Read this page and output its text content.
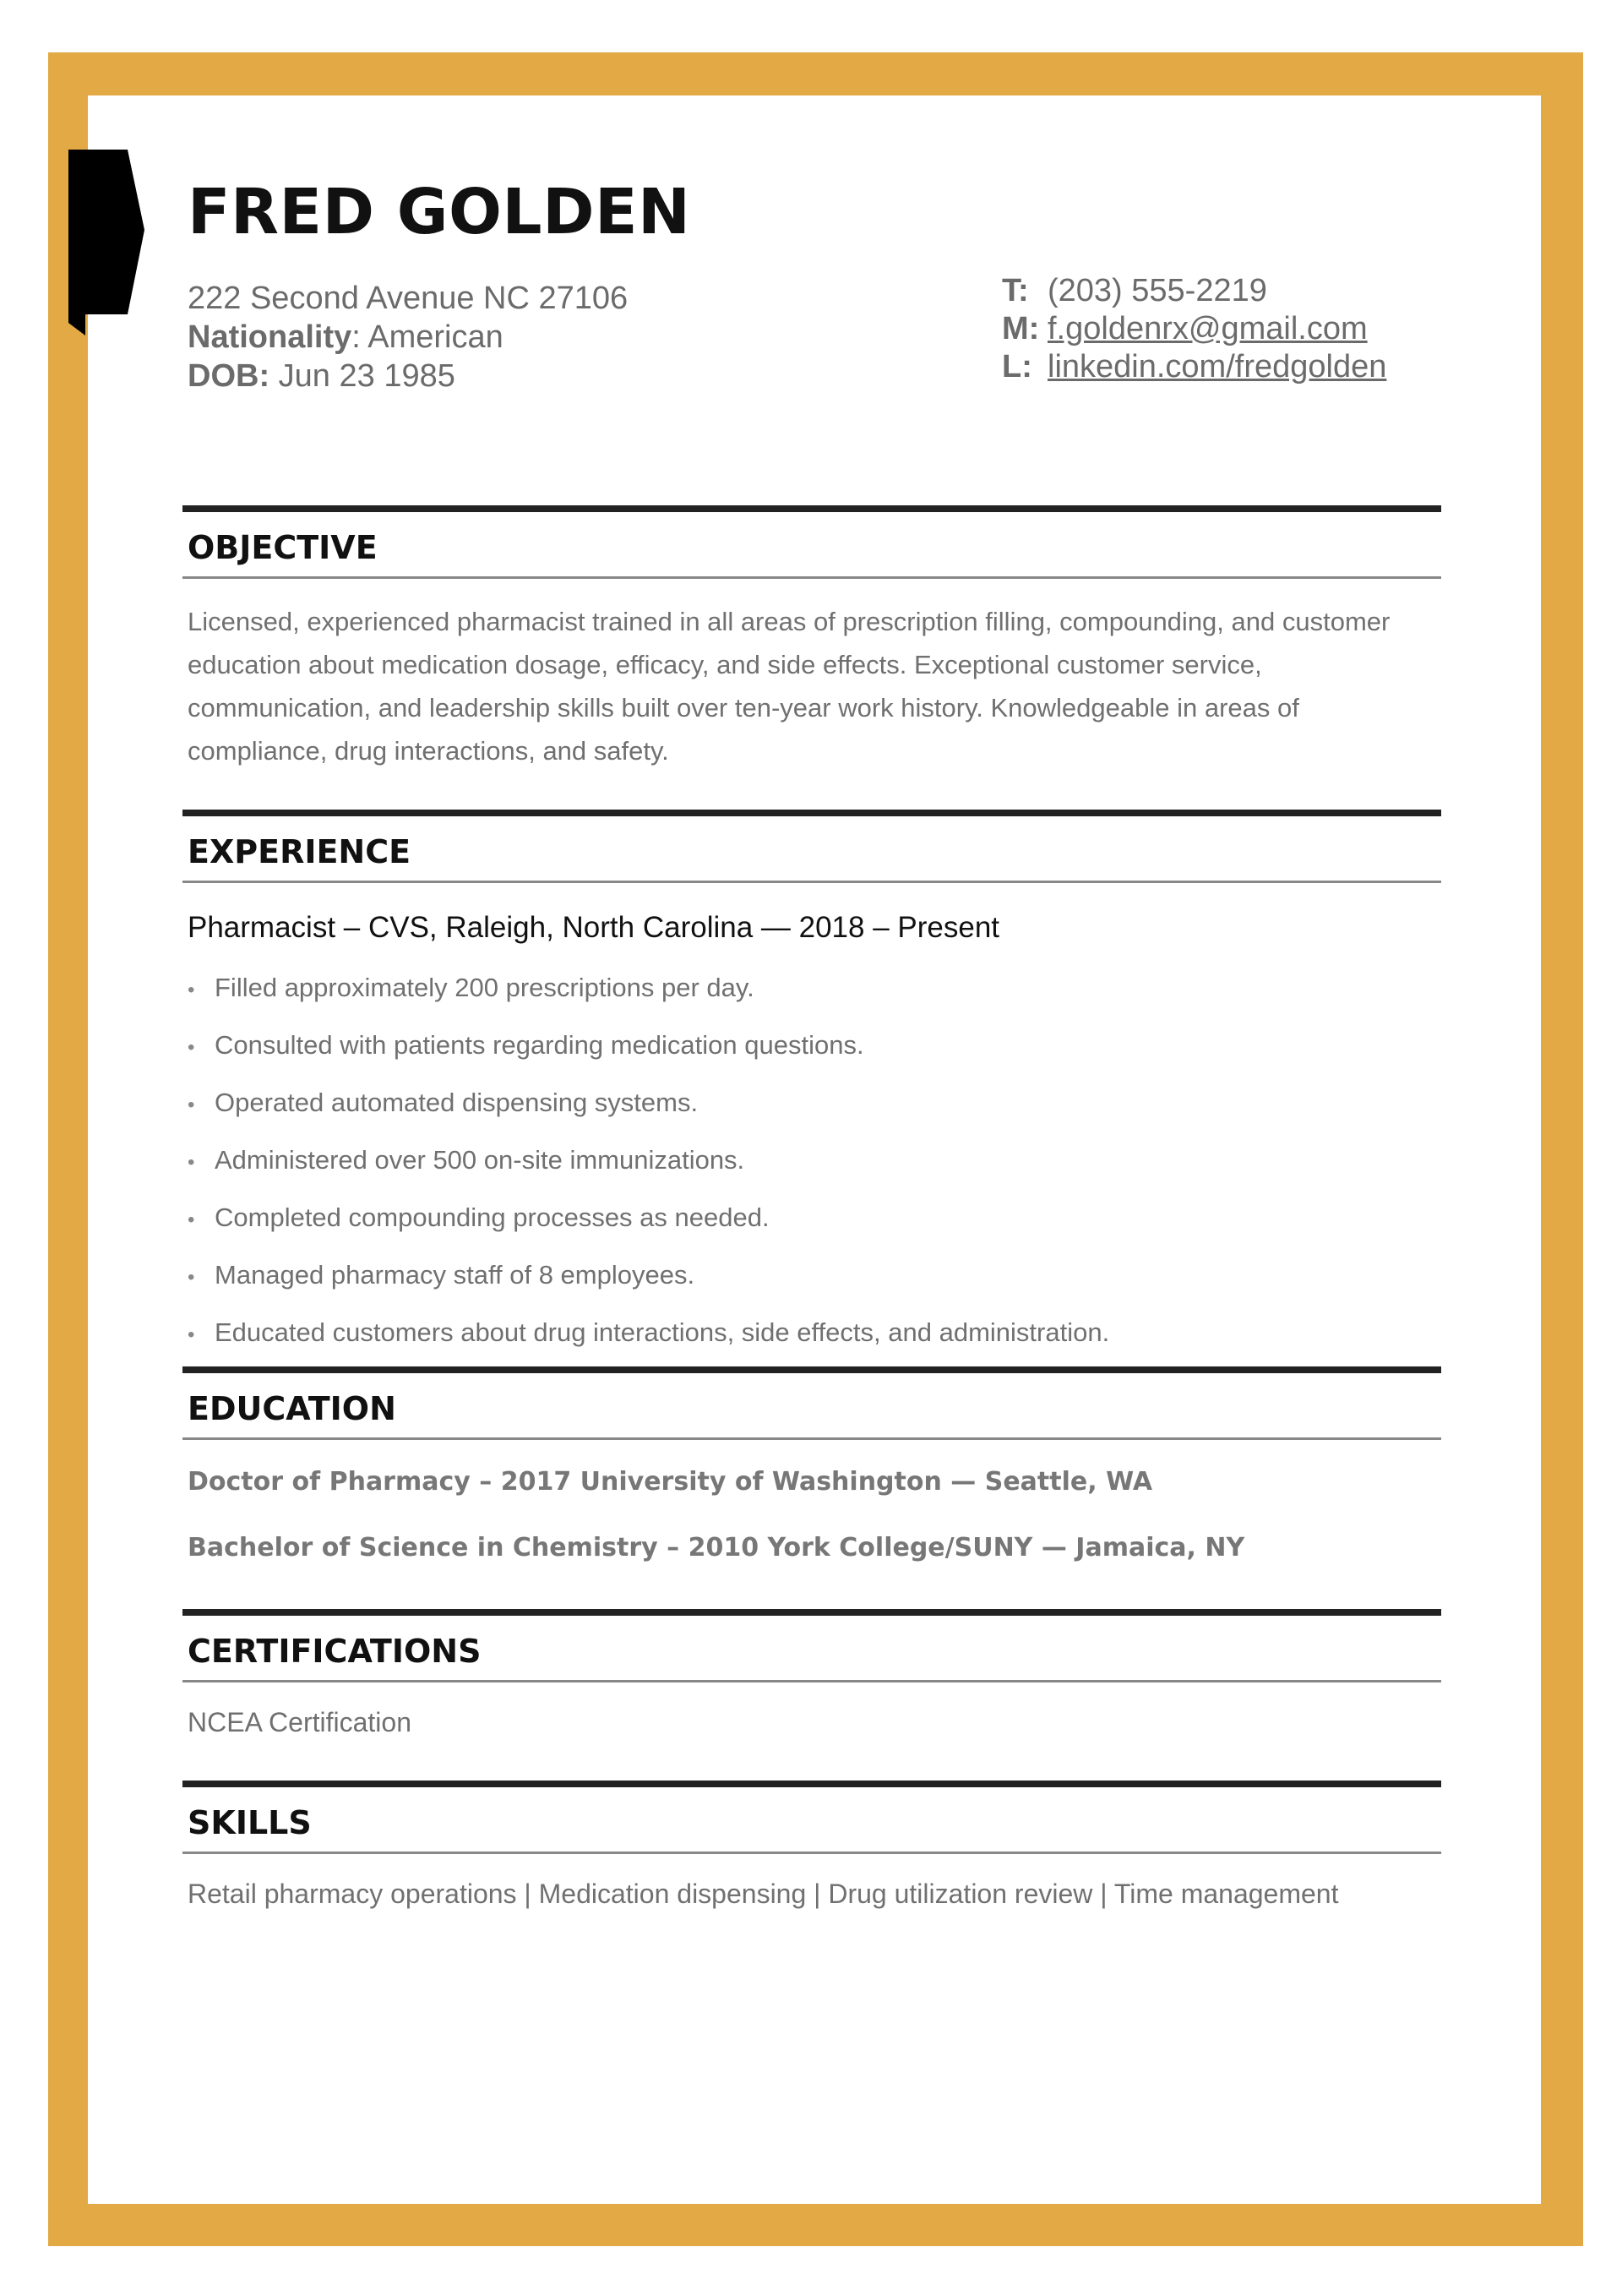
FRED GOLDEN
222 Second Avenue NC 27106
Nationality: American
DOB: Jun 23 1985
T: (203) 555-2219
M: f.goldenrx@gmail.com
L: linkedin.com/fredgolden
OBJECTIVE
Licensed, experienced pharmacist trained in all areas of prescription filling, compounding, and customer
education about medication dosage, efficacy, and side effects. Exceptional customer service,
communication, and leadership skills built over ten-year work history. Knowledgeable in areas of
compliance, drug interactions, and safety.
EXPERIENCE
Pharmacist – CVS, Raleigh, North Carolina — 2018 – Present
• Filled approximately 200 prescriptions per day.
• Consulted with patients regarding medication questions.
• Operated automated dispensing systems.
• Administered over 500 on-site immunizations.
• Completed compounding processes as needed.
• Managed pharmacy staff of 8 employees.
• Educated customers about drug interactions, side effects, and administration.
EDUCATION
Doctor of Pharmacy – 2017 University of Washington — Seattle, WA
Bachelor of Science in Chemistry – 2010 York College/SUNY — Jamaica, NY
CERTIFICATIONS
NCEA Certification
SKILLS
Retail pharmacy operations | Medication dispensing | Drug utilization review | Time management
